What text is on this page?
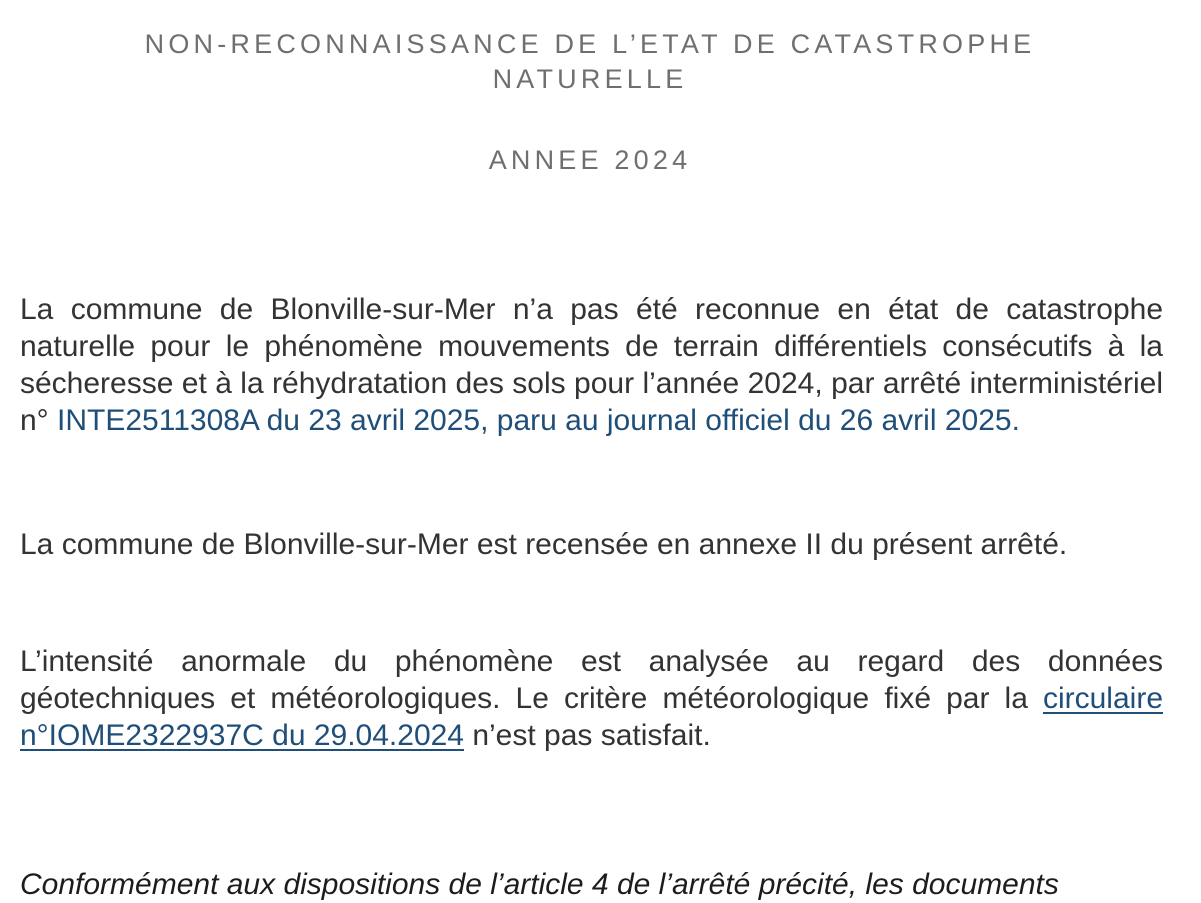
NON-RECONNAISSANCE DE L’ETAT DE CATASTROPHE
NATURELLE
ANNEE 2024

La commune de Blonville-sur-Mer n’a pas été reconnue en état de catastrophe naturelle pour le phénomène mouvements de terrain différentiels consécutifs à la sécheresse et à la réhydratation des sols pour l’année 2024, par arrêté interministériel n° INTE2511308A du 23 avril 2025, paru au journal officiel du 26 avril 2025.

La commune de Blonville-sur-Mer est recensée en annexe II du présent arrêté.

L’intensité anormale du phénomène est analysée au regard des données géotechniques et météorologiques. Le critère météorologique fixé par la circulaire n°IOME2322937C du 29.04.2024 n’est pas satisfait.

Conformément aux dispositions de l’article 4 de l’arrêté précité, les documents
